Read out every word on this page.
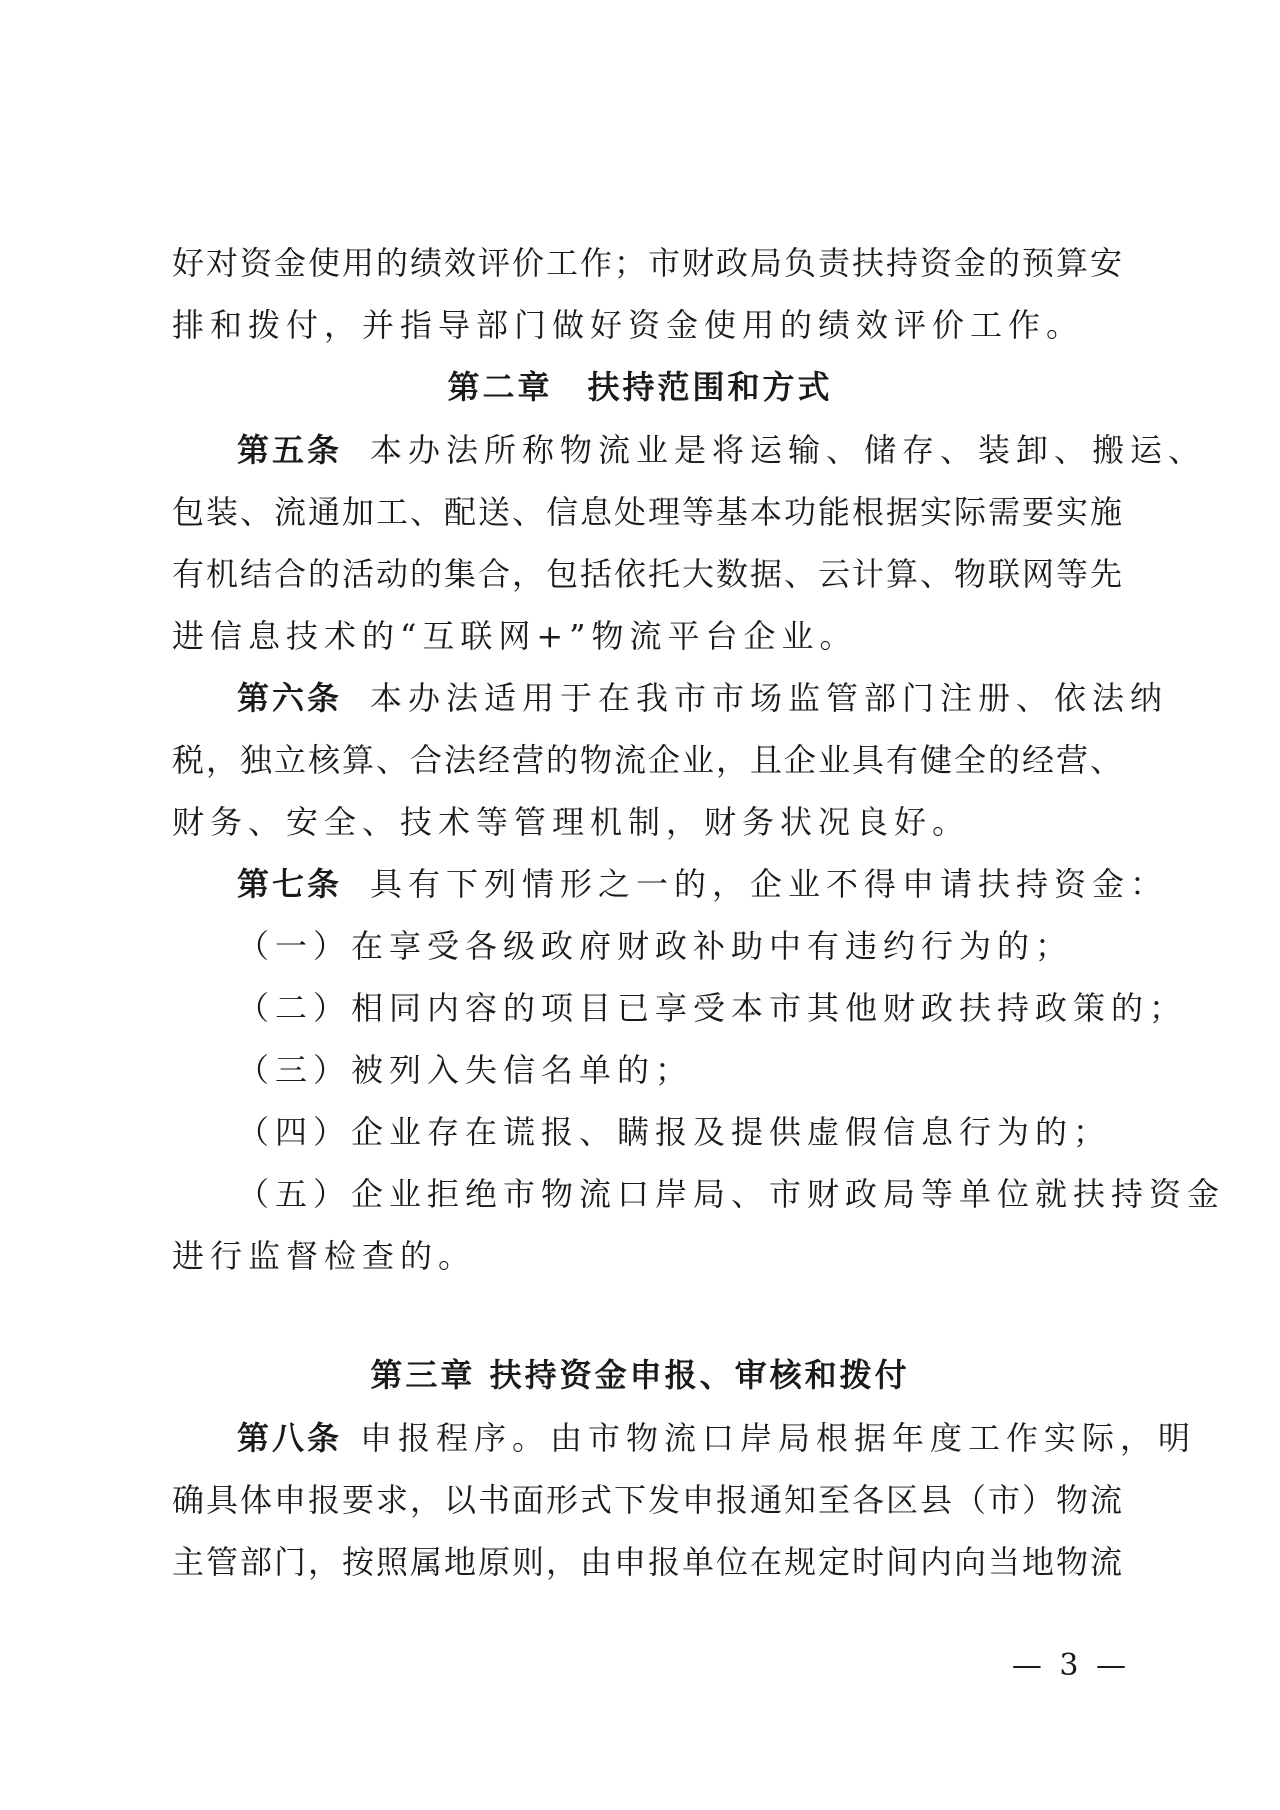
好对资金使用的绩效评价工作；市财政局负责扶持资金的预算安
排和拨付，并指导部门做好资金使用的绩效评价工作。
第二章　扶持范围和方式
第五条 本办法所称物流业是将运输、储存、装卸、搬运、
包装、流通加工、配送、信息处理等基本功能根据实际需要实施
有机结合的活动的集合，包括依托大数据、云计算、物联网等先
进信息技术的“互联网+”物流平台企业。
第六条 本办法适用于在我市市场监管部门注册、依法纳
税，独立核算、合法经营的物流企业，且企业具有健全的经营、
财务、安全、技术等管理机制，财务状况良好。
第七条 具有下列情形之一的，企业不得申请扶持资金：
（一）在享受各级政府财政补助中有违约行为的；
（二）相同内容的项目已享受本市其他财政扶持政策的；
（三）被列入失信名单的；
（四）企业存在谎报、瞒报及提供虚假信息行为的；
（五）企业拒绝市物流口岸局、市财政局等单位就扶持资金
进行监督检查的。
第三章 扶持资金申报、审核和拨付
第八条 申报程序。由市物流口岸局根据年度工作实际，明
确具体申报要求，以书面形式下发申报通知至各区县（市）物流
主管部门，按照属地原则，由申报单位在规定时间内向当地物流
— 3 —
